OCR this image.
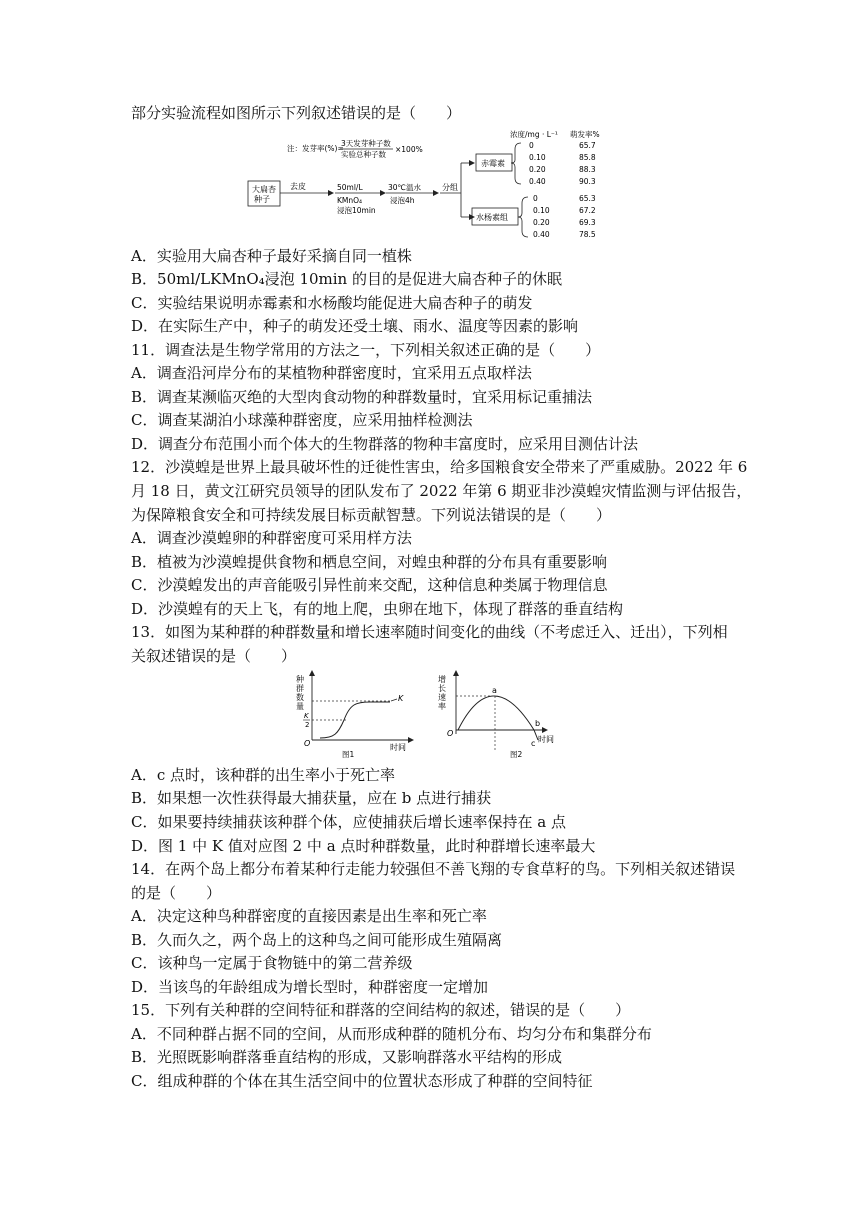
部分实验流程如图所示下列叙述错误的是（　　）
注：发芽率(%)=
3天发芽种子数
实验总种子数
×100%
浓度/mg · L⁻¹ 萌发率%
大扁杏
种子
去皮	50ml/L
KMnO₄
浸泡10min
30℃温水
浸泡4h
分组
赤霉素
水杨素组
0	65.7
0.10	85.8
0.20	88.3
0.40	90.3
0	65.3
0.10	67.2
0.20	69.3
0.40	78.5
A．实验用大扁杏种子最好采摘自同一植株
B．50ml/LKMnO₄浸泡 10min 的目的是促进大扁杏种子的休眠
C．实验结果说明赤霉素和水杨酸均能促进大扁杏种子的萌发
D．在实际生产中，种子的萌发还受土壤、雨水、温度等因素的影响
11．调查法是生物学常用的方法之一，下列相关叙述正确的是（　　）
A．调查沿河岸分布的某植物种群密度时，宜采用五点取样法
B．调查某濒临灭绝的大型肉食动物的种群数量时，宜采用标记重捕法
C．调查某湖泊小球藻种群密度，应采用抽样检测法
D．调查分布范围小而个体大的生物群落的物种丰富度时，应采用目测估计法
12．沙漠蝗是世界上最具破坏性的迁徙性害虫，给多国粮食安全带来了严重威胁。2022 年 6
月 18 日，黄文江研究员领导的团队发布了 2022 年第 6 期亚非沙漠蝗灾情监测与评估报告，
为保障粮食安全和可持续发展目标贡献智慧。下列说法错误的是（　　）
A．调查沙漠蝗卵的种群密度可采用样方法
B．植被为沙漠蝗提供食物和栖息空间，对蝗虫种群的分布具有重要影响
C．沙漠蝗发出的声音能吸引异性前来交配，这种信息种类属于物理信息
D．沙漠蝗有的天上飞，有的地上爬，虫卵在地下，体现了群落的垂直结构
13．如图为某种群的种群数量和增长速率随时间变化的曲线（不考虑迁入、迁出），下列相
关叙述错误的是（　　）
种
群
数
量
K
K
2
O	时间
图1
增
长
速
率
a
b
c
O
时间
图2
A．c 点时，该种群的出生率小于死亡率
B．如果想一次性获得最大捕获量，应在 b 点进行捕获
C．如果要持续捕获该种群个体，应使捕获后增长速率保持在 a 点
D．图 1 中 K 值对应图 2 中 a 点时种群数量，此时种群增长速率最大
14．在两个岛上都分布着某种行走能力较强但不善飞翔的专食草籽的鸟。下列相关叙述错误
的是（　　）
A．决定这种鸟种群密度的直接因素是出生率和死亡率
B．久而久之，两个岛上的这种鸟之间可能形成生殖隔离
C．该种鸟一定属于食物链中的第二营养级
D．当该鸟的年龄组成为增长型时，种群密度一定增加
15．下列有关种群的空间特征和群落的空间结构的叙述，错误的是（　　）
A．不同种群占据不同的空间，从而形成种群的随机分布、均匀分布和集群分布
B．光照既影响群落垂直结构的形成，又影响群落水平结构的形成
C．组成种群的个体在其生活空间中的位置状态形成了种群的空间特征
